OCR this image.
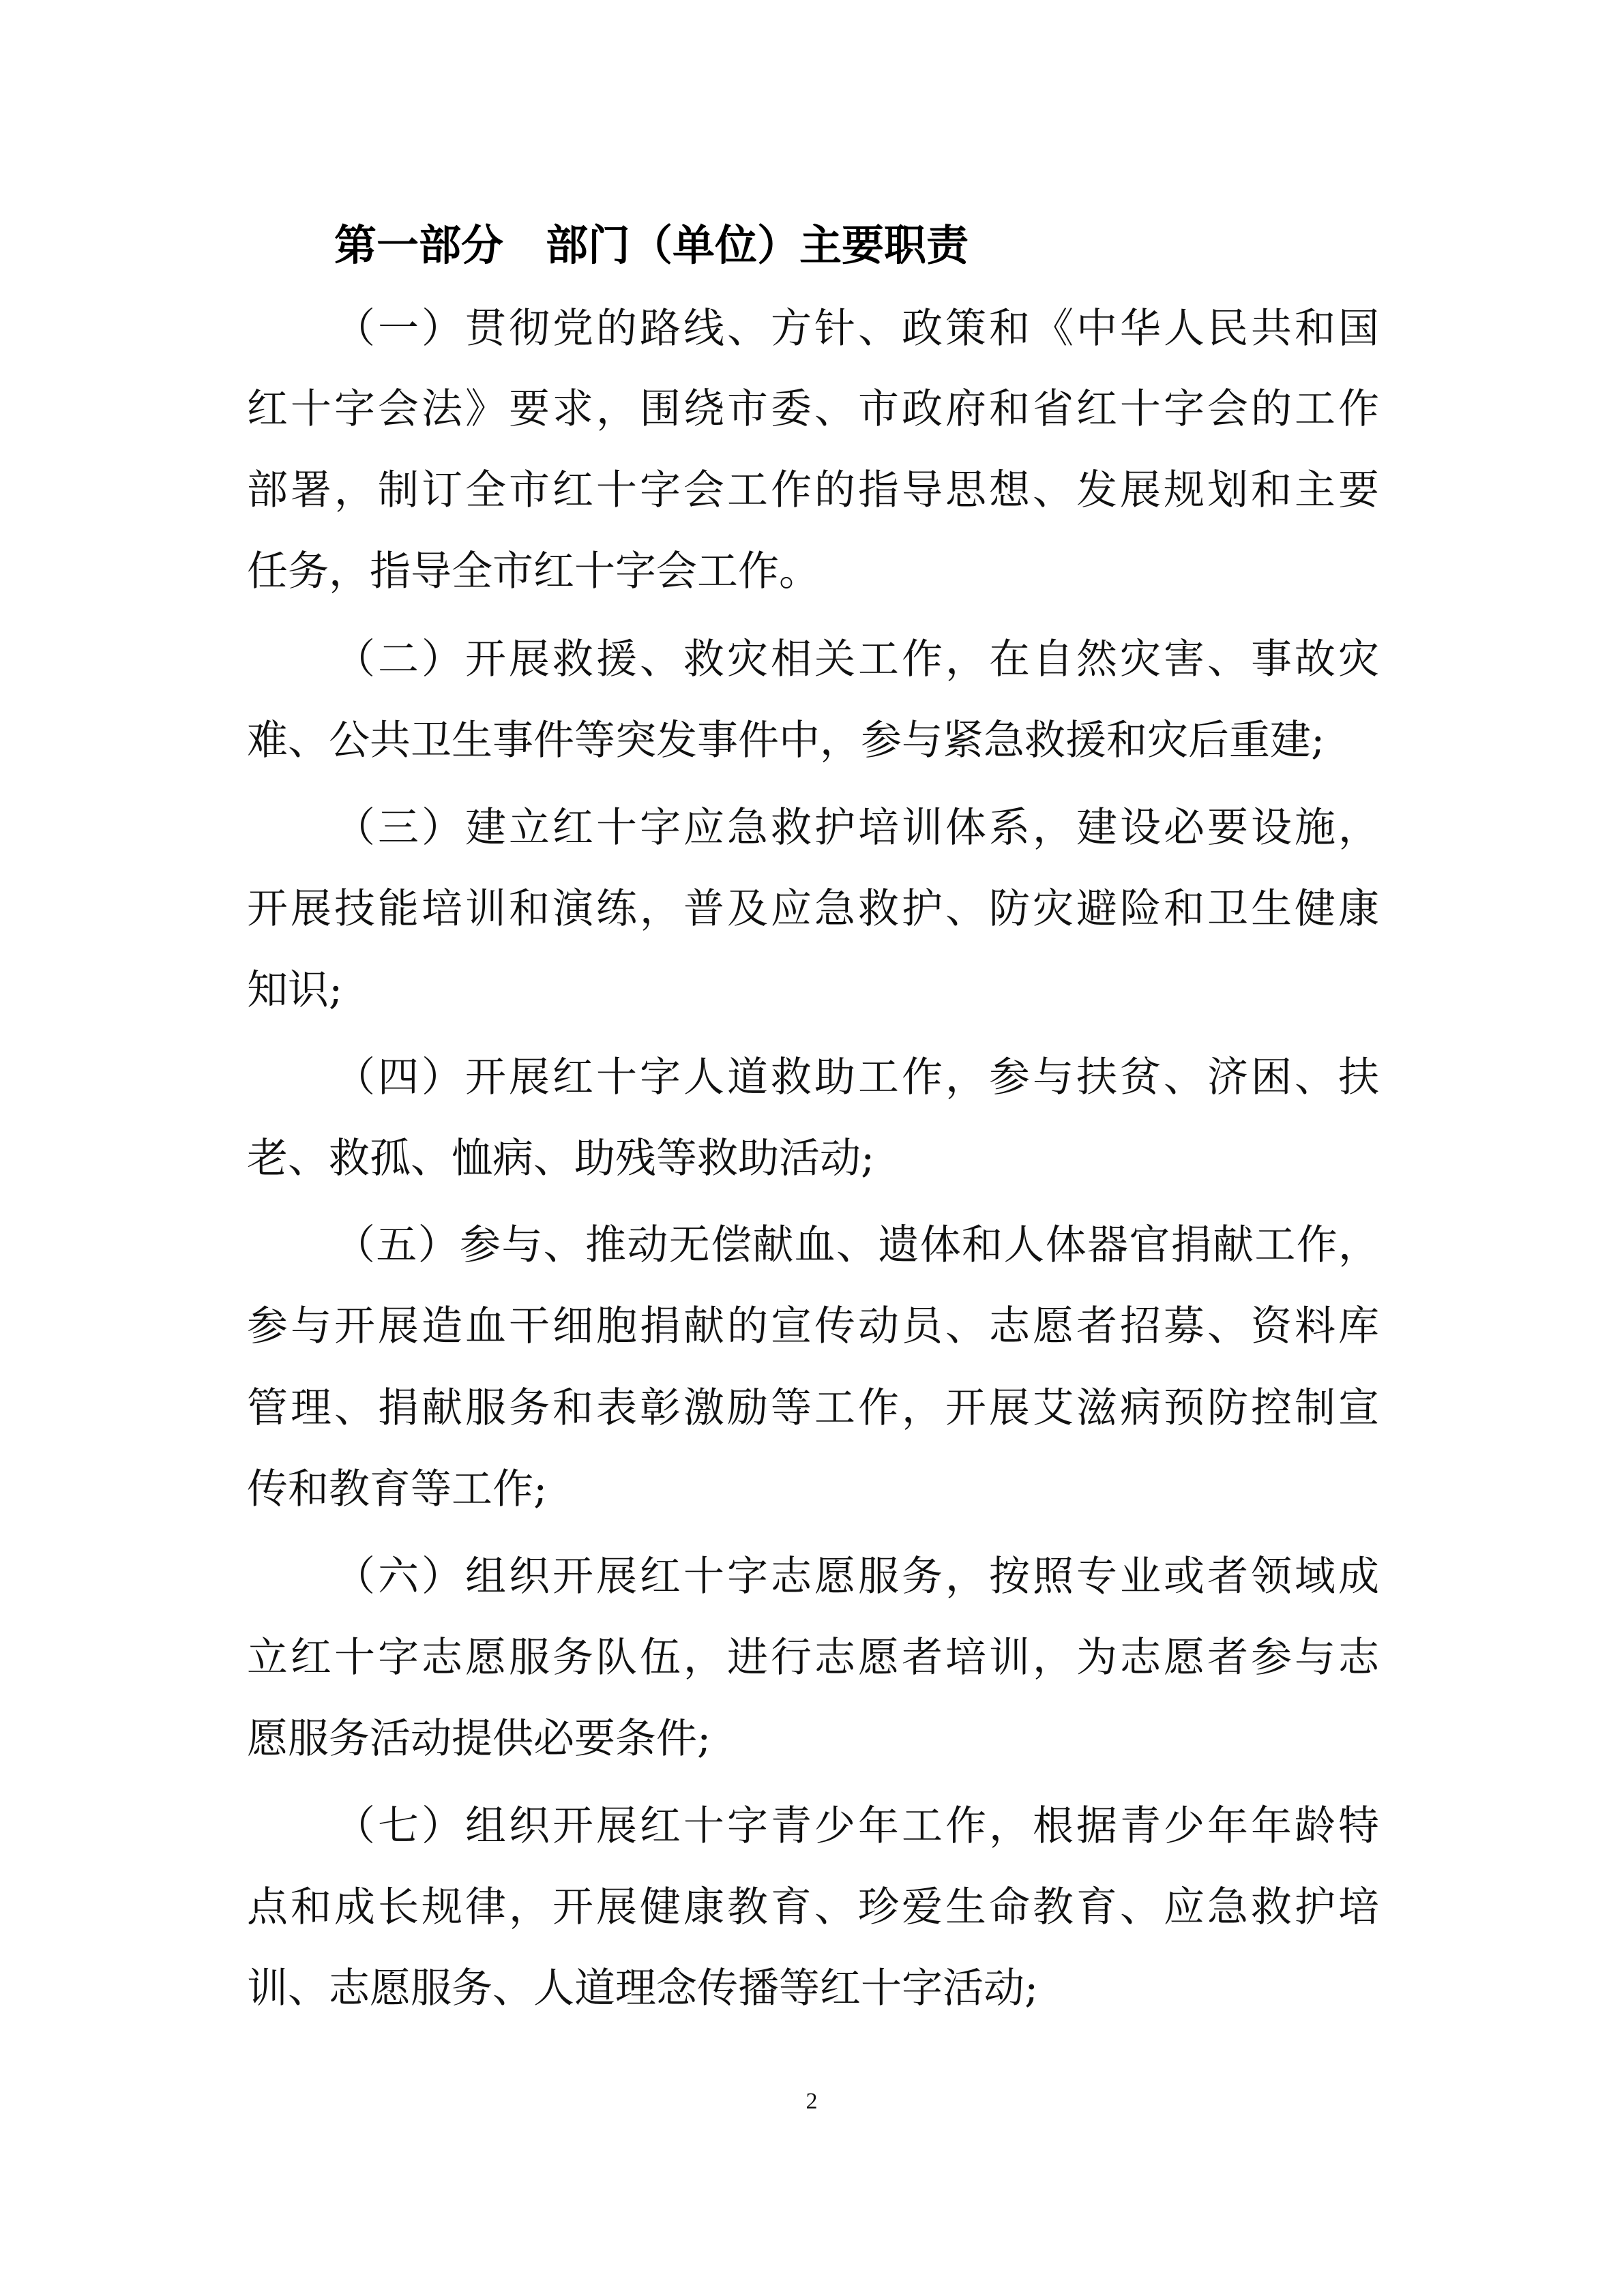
第一部分 部门（单位）主要职责
（一）贯彻党的路线、方针、政策和《中华人民共和国
红十字会法》要求，围绕市委、市政府和省红十字会的工作
部署，制订全市红十字会工作的指导思想、发展规划和主要
任务，指导全市红十字会工作。
（二）开展救援、救灾相关工作，在自然灾害、事故灾
难、公共卫生事件等突发事件中，参与紧急救援和灾后重建;
（三）建立红十字应急救护培训体系，建设必要设施，
开展技能培训和演练，普及应急救护、防灾避险和卫生健康
知识;
（四）开展红十字人道救助工作，参与扶贫、济困、扶
老、救孤、恤病、助残等救助活动;
（五）参与、推动无偿献血、遗体和人体器官捐献工作，
参与开展造血干细胞捐献的宣传动员、志愿者招募、资料库
管理、捐献服务和表彰激励等工作，开展艾滋病预防控制宣
传和教育等工作;
（六）组织开展红十字志愿服务，按照专业或者领域成
立红十字志愿服务队伍，进行志愿者培训，为志愿者参与志
愿服务活动提供必要条件;
（七）组织开展红十字青少年工作，根据青少年年龄特
点和成长规律，开展健康教育、珍爱生命教育、应急救护培
训、志愿服务、人道理念传播等红十字活动;
2
